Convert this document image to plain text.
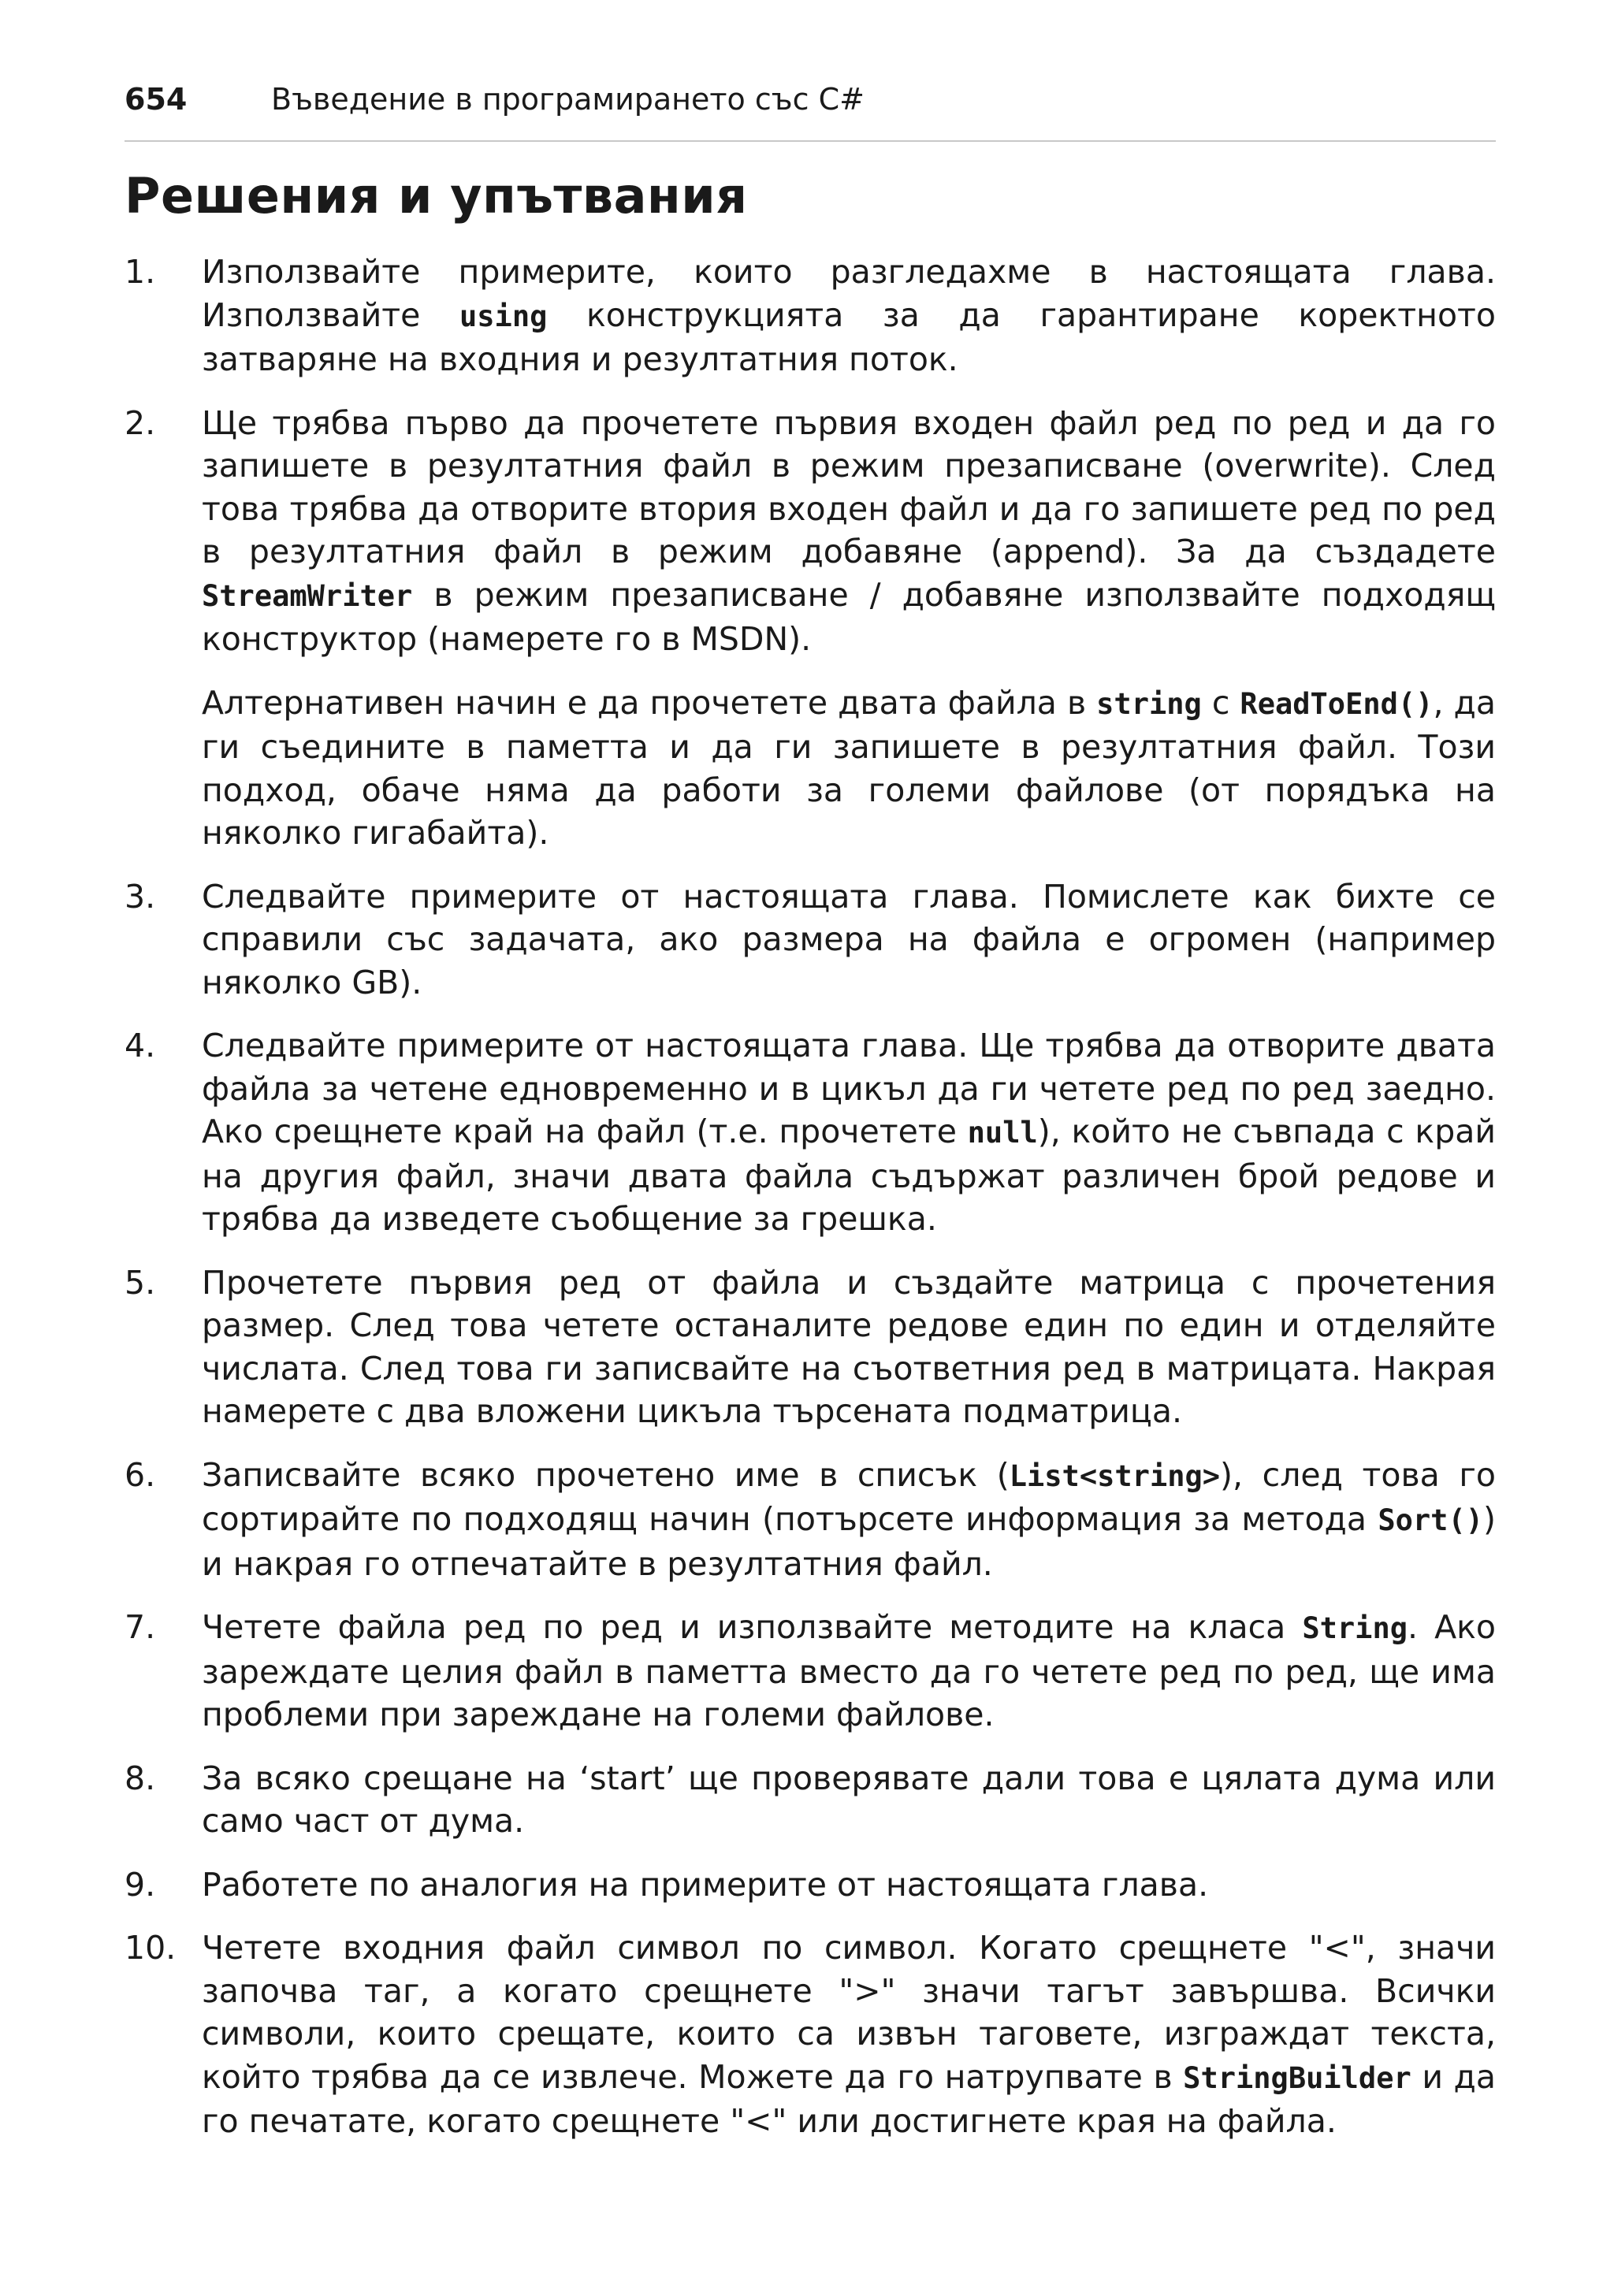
654	Въведение в програмирането със C#
Решения и упътвания
1. Използвайте примерите, които разгледахме в настоящата глава. Използвайте using конструкцията за да гарантиране коректното затваряне на входния и резултатния поток.

2. Ще трябва първо да прочетете първия входен файл ред по ред и да го запишете в резултатния файл в режим презаписване (overwrite). След това трябва да отворите втория входен файл и да го запишете ред по ред в резултатния файл в режим добавяне (append). За да създадете StreamWriter в режим презаписване / добавяне използвайте подходящ конструктор (намерете го в MSDN).

Алтернативен начин е да прочетете двата файла в string с ReadToEnd(), да ги съедините в паметта и да ги запишете в резултатния файл. Този подход, обаче няма да работи за големи файлове (от порядъка на няколко гигабайта).

3. Следвайте примерите от настоящата глава. Помислете как бихте се справили със задачата, ако размера на файла е огромен (например няколко GB).

4. Следвайте примерите от настоящата глава. Ще трябва да отворите двата файла за четене едновременно и в цикъл да ги четете ред по ред заедно. Ако срещнете край на файл (т.е. прочетете null), който не съвпада с край на другия файл, значи двата файла съдържат различен брой редове и трябва да изведете съобщение за грешка.

5. Прочетете първия ред от файла и създайте матрица с прочетения размер. След това четете останалите редове един по един и отделяйте числата. След това ги записвайте на съответния ред в матрицата. Накрая намерете с два вложени цикъла търсената подматрица.

6. Записвайте всяко прочетено име в списък (List<string>), след това го сортирайте по подходящ начин (потърсете информация за метода Sort()) и накрая го отпечатайте в резултатния файл.

7. Четете файла ред по ред и използвайте методите на класа String. Ако зареждате целия файл в паметта вместо да го четете ред по ред, ще има проблеми при зареждане на големи файлове.

8. За всяко срещане на ‘start’ ще проверявате дали това е цялата дума или само част от дума.

9. Работете по аналогия на примерите от настоящата глава.

10. Четете входния файл символ по символ. Когато срещнете "<", значи започва таг, а когато срещнете ">" значи тагът завършва. Всички символи, които срещате, които са извън таговете, изграждат текста, който трябва да се извлече. Можете да го натрупвате в StringBuilder и да го печатате, когато срещнете "<" или достигнете края на файла.
